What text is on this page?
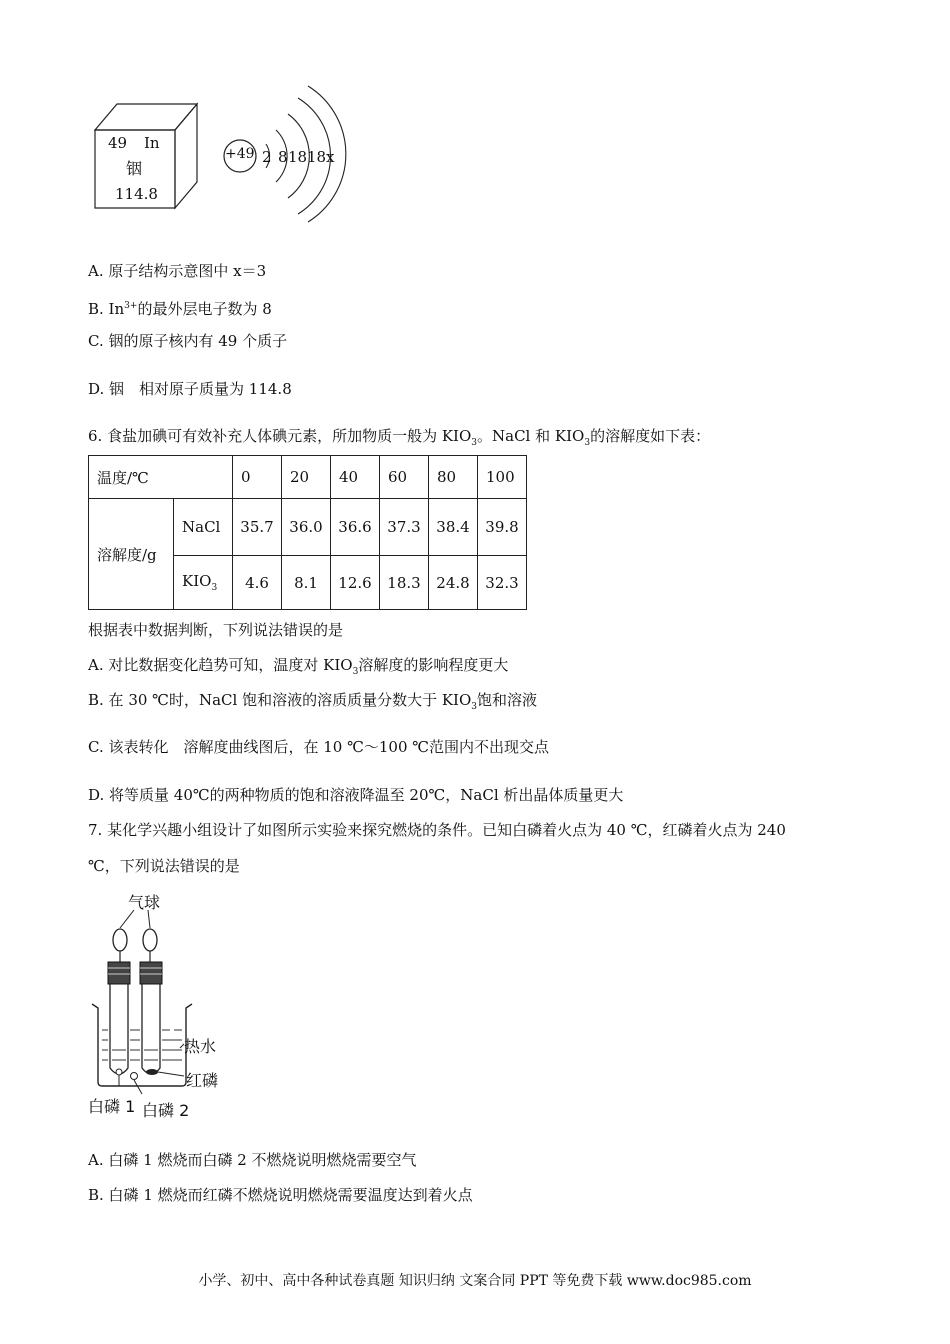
49 In
铟
114.8
+49 2 8 18 18 x
A. 原子结构示意图中 x＝3
B. $In^{3+}$的最外层电子数为 8
C. 铟的原子核内有 49 个质子
D. 铟　相对原子质量为 114.8
6. 食盐加碘可有效补充人体碘元素，所加物质一般为 $KIO_3$。NaCl 和 $KIO_3$的溶解度如下表：
温度/℃		0	20	40	60	80	100
溶解度/g	NaCl	35.7	36.0	36.6	37.3	38.4	39.8
	$KIO_3$	4.6	8.1	12.6	18.3	24.8	32.3
根据表中数据判断，下列说法错误的是
A. 对比数据变化趋势可知，温度对 $KIO_3$溶解度的影响程度更大
B. 在 30 ℃时，NaCl 饱和溶液的溶质质量分数大于 $KIO_3$饱和溶液
C. 该表转化　溶解度曲线图后，在 10 ℃～100 ℃范围内不出现交点
D. 将等质量 40℃的两种物质的饱和溶液降温至 20℃，NaCl 析出晶体质量更大
7. 某化学兴趣小组设计了如图所示实验来探究燃烧的条件。已知白磷着火点为 40 ℃，红磷着火点为 240
℃，下列说法错误的是
气球
热水
红磷
白磷 1 白磷 2
A. 白磷 1 燃烧而白磷 2 不燃烧说明燃烧需要空气
B. 白磷 1 燃烧而红磷不燃烧说明燃烧需要温度达到着火点
小学、初中、高中各种试卷真题 知识归纳 文案合同 PPT 等免费下载 www.doc985.com
